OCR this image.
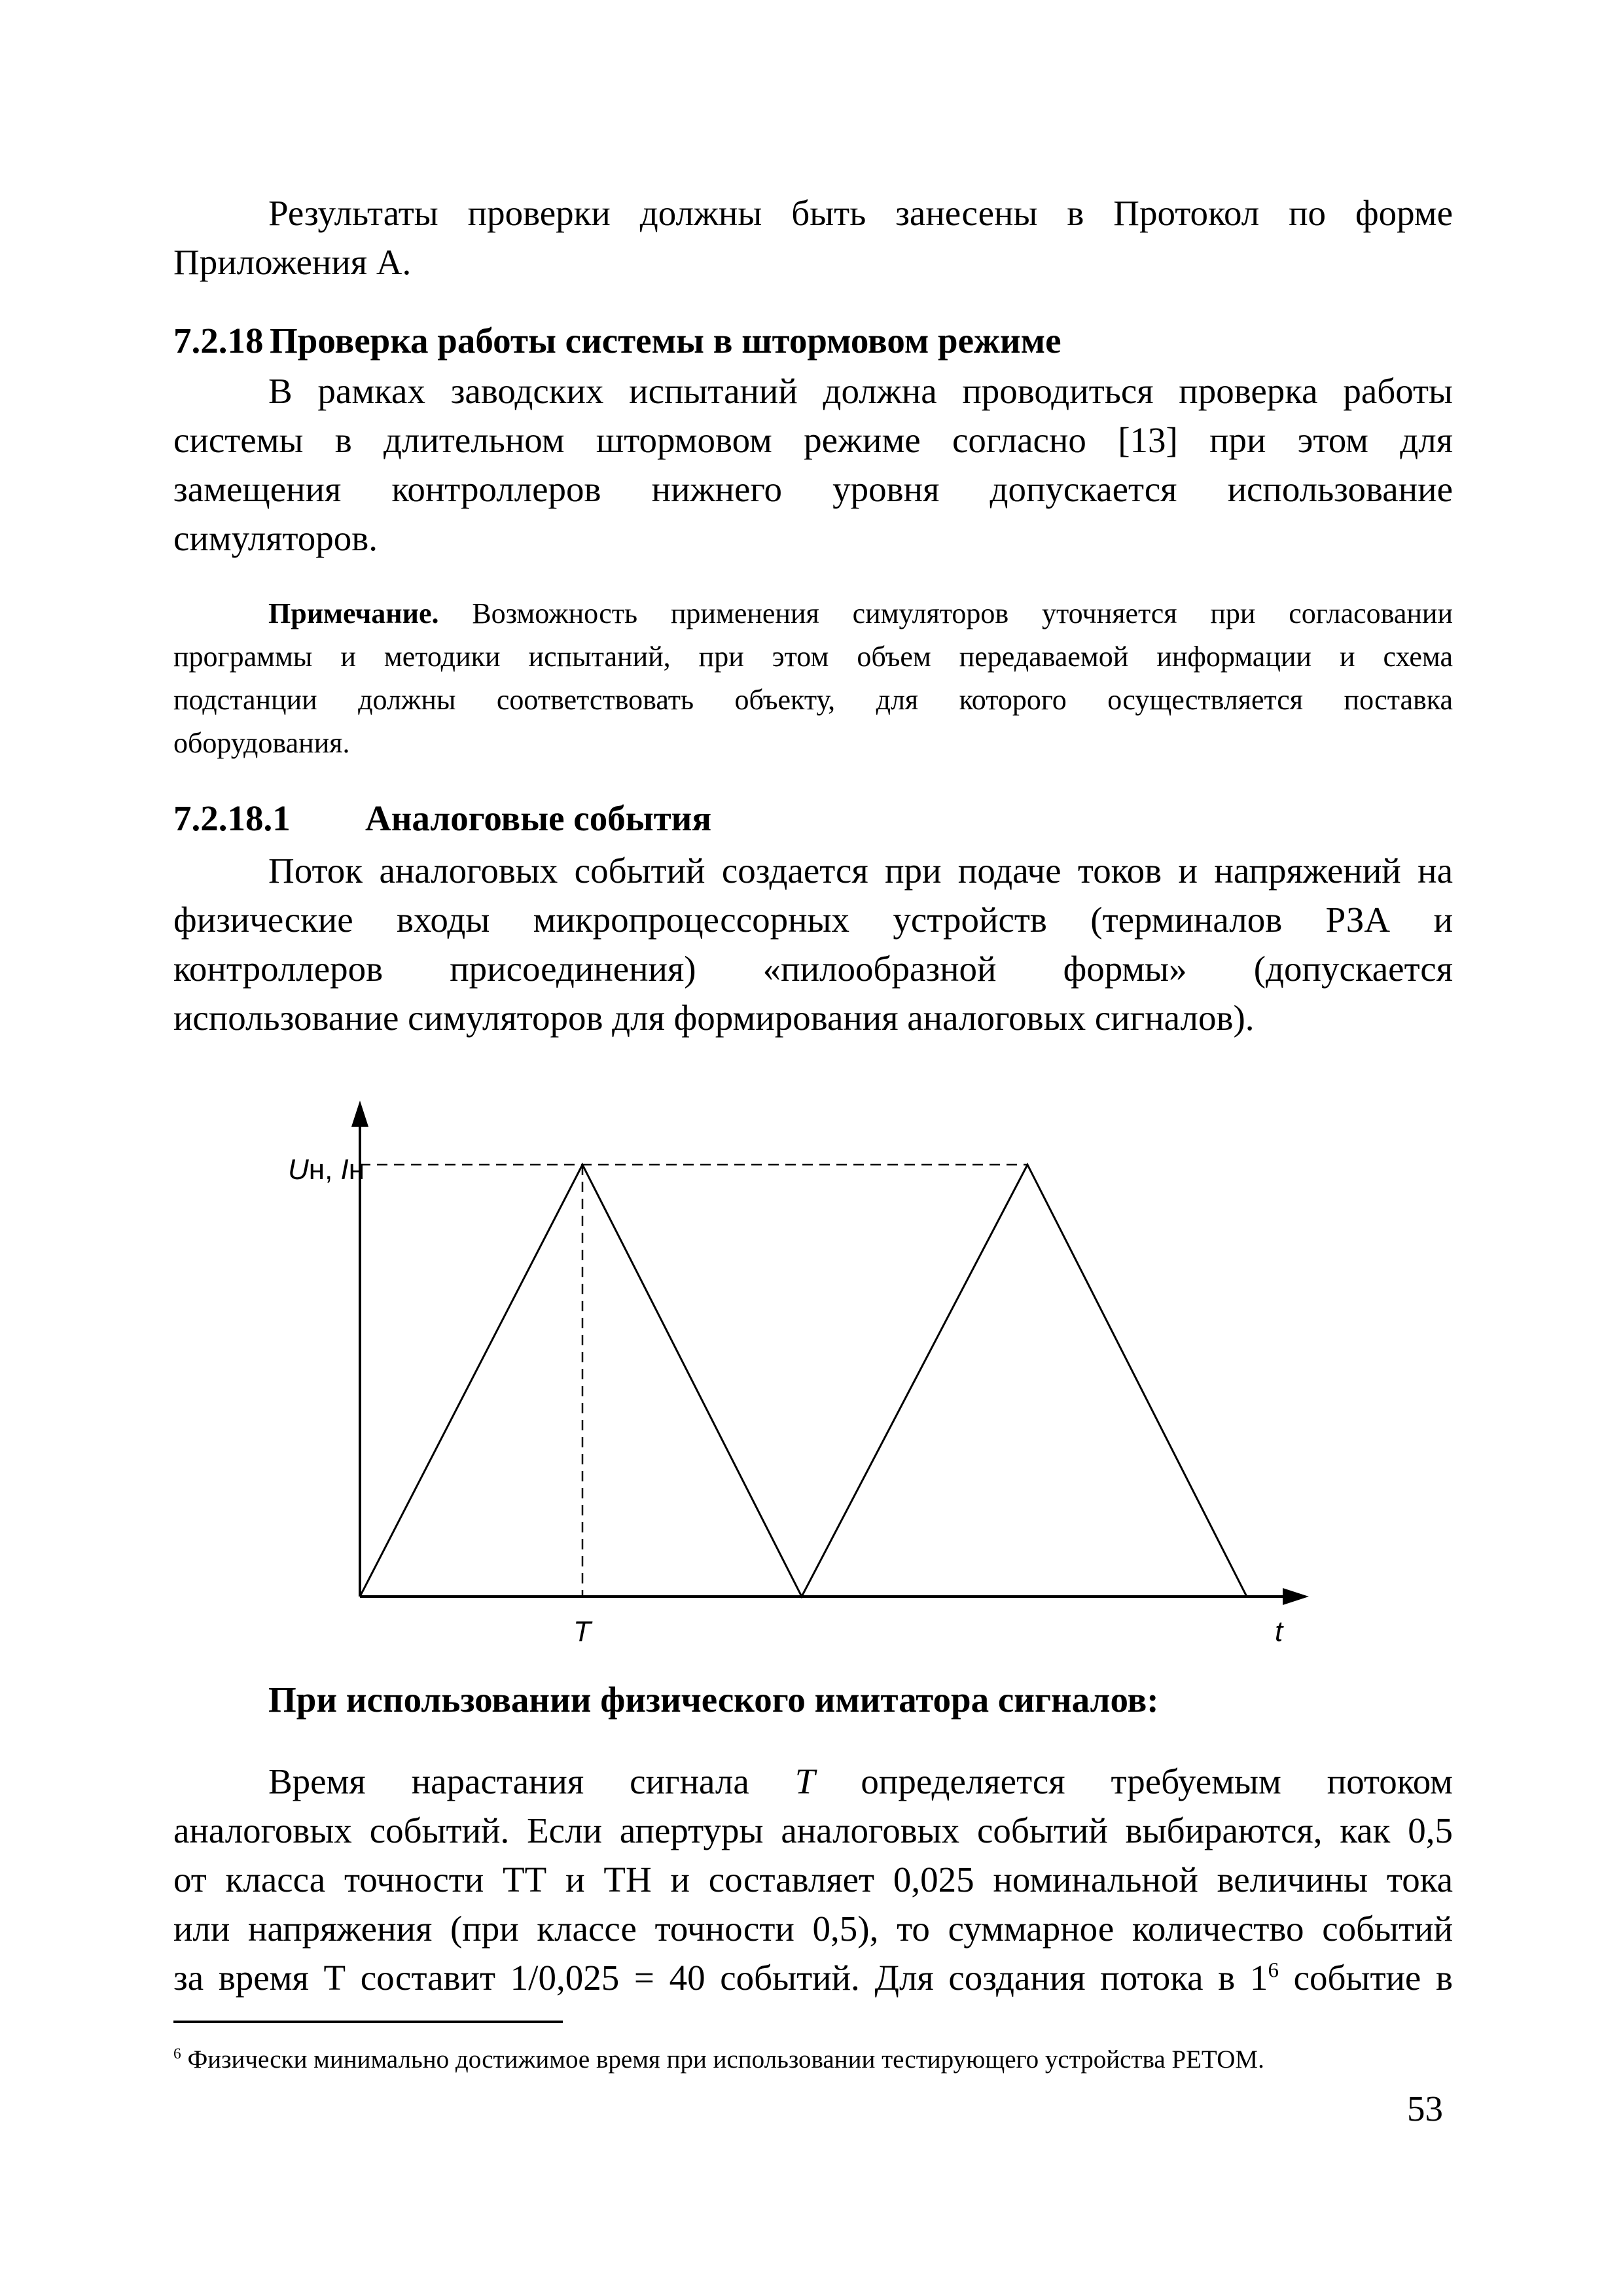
Результаты проверки должны быть занесены в Протокол по форме
Приложения А.
7.2.18 Проверка работы системы в штормовом режиме
В рамках заводских испытаний должна проводиться проверка работы
системы в длительном штормовом режиме согласно [13] при этом для
замещения контроллеров нижнего уровня допускается использование
симуляторов.
Примечание. Возможность применения симуляторов уточняется при согласовании
программы и методики испытаний, при этом объем передаваемой информации и схема
подстанции должны соответствовать объекту, для которого осуществляется поставка
оборудования.
7.2.18.1 Аналоговые события
Поток аналоговых событий создается при подаче токов и напряжений на
физические входы микропроцессорных устройств (терминалов РЗА и
контроллеров присоединения) «пилообразной формы» (допускается
использование симуляторов для формирования аналоговых сигналов).
Uн, Iн
T	t
При использовании физического имитатора сигналов:
Время нарастания сигнала T определяется требуемым потоком
аналоговых событий. Если апертуры аналоговых событий выбираются, как 0,5
от класса точности ТТ и ТН и составляет 0,025 номинальной величины тока
или напряжения (при классе точности 0,5), то суммарное количество событий
за время Т составит 1/0,025 = 40 событий. Для создания потока в $1^6$ событие в
$^6$ Физически минимально достижимое время при использовании тестирующего устройства РЕТОМ.
53
